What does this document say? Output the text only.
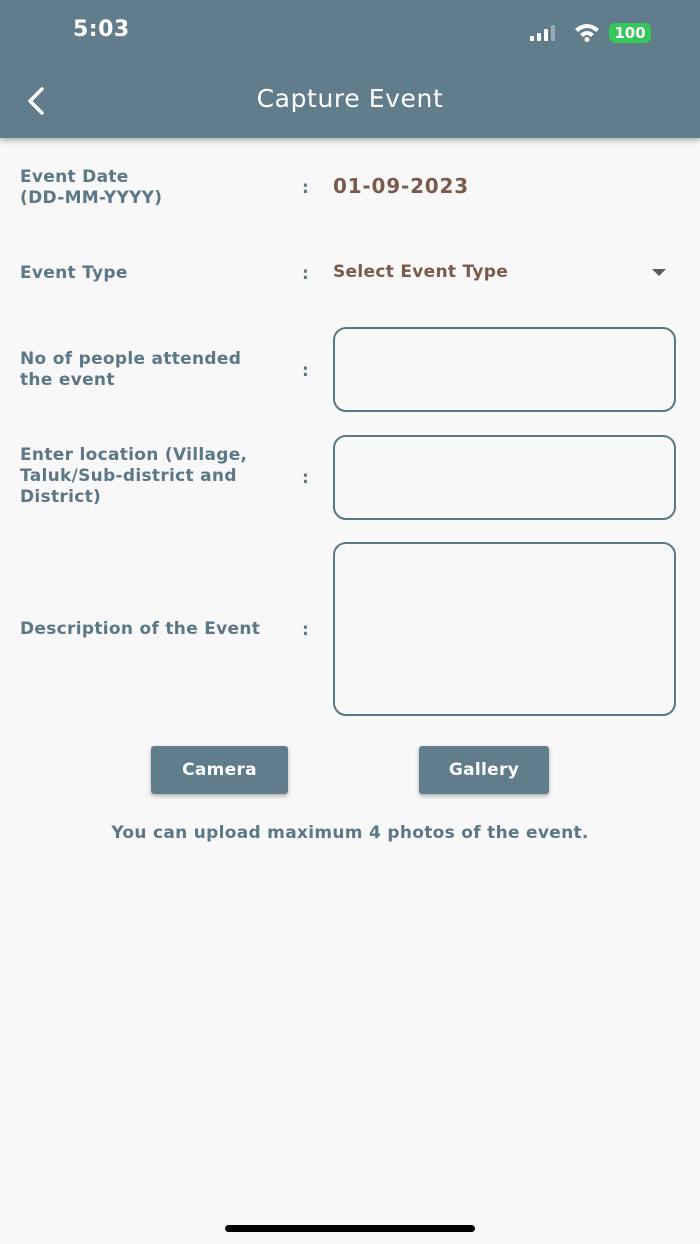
5:03	100
Capture Event
Event Date
(DD-MM-YYYY)	: 01-09-2023
Event Type	: Select Event Type
No of people attended
the event	:
Enter location (Village,
Taluk/Sub-district and
District)
:
Description of the Event	:
Camera	Gallery
You can upload maximum 4 photos of the event.
